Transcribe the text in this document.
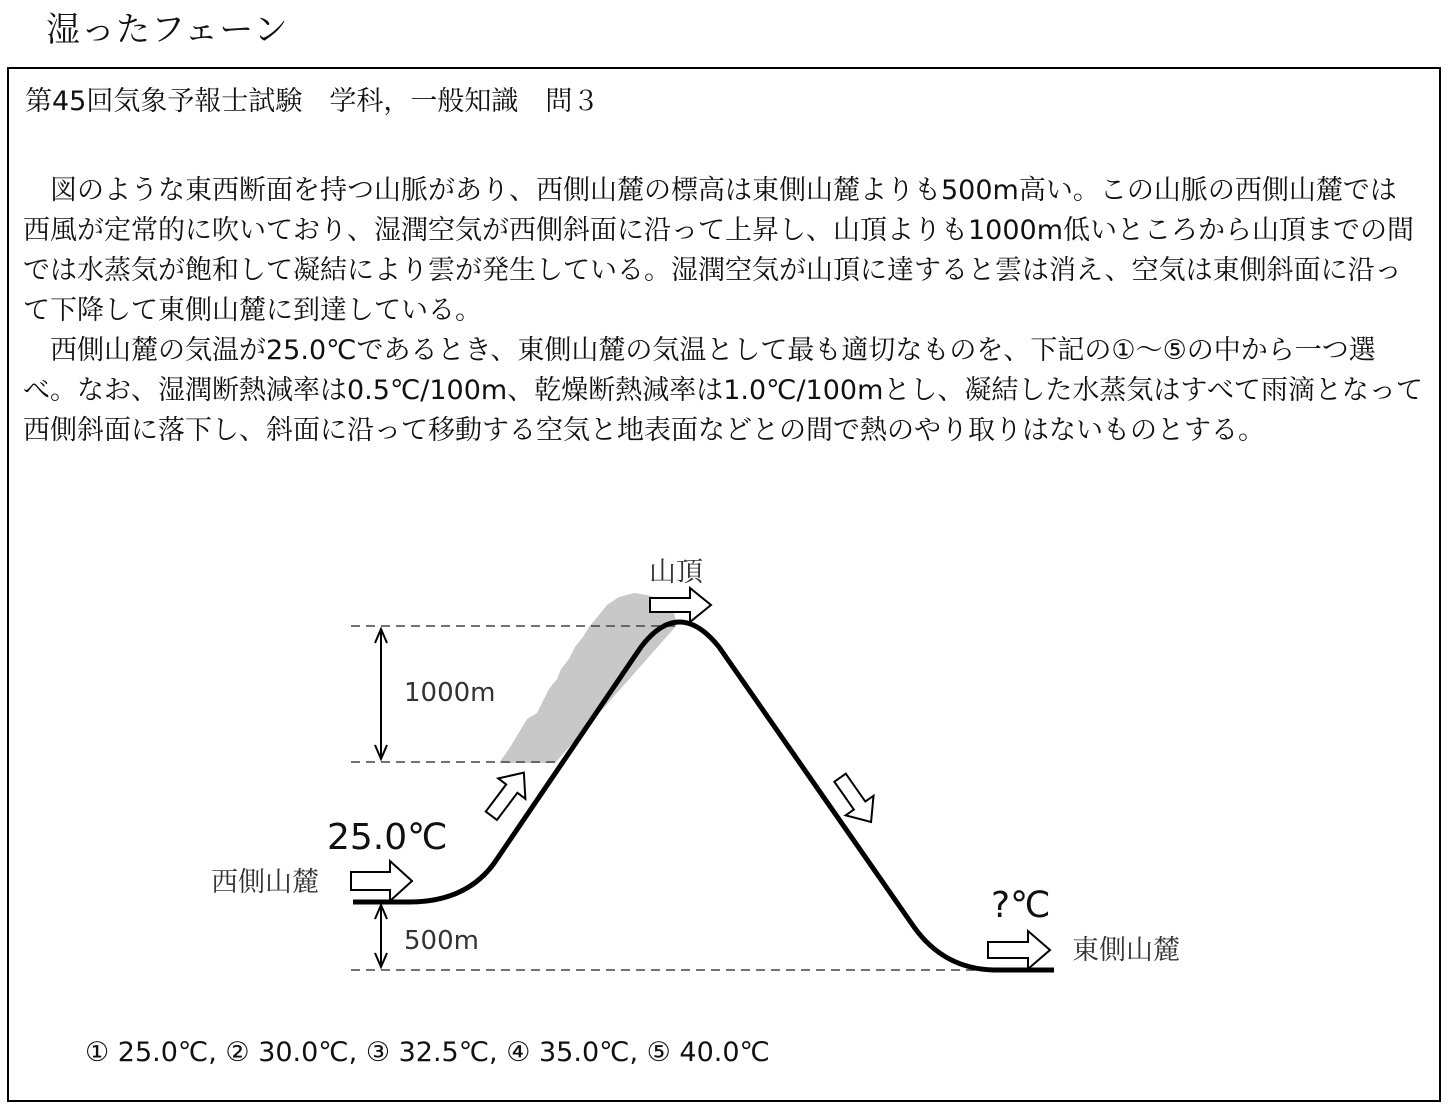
湿ったフェーン
第45回気象予報士試験　学科，一般知識　問３

図のような東西断面を持つ山脈があり、西側山麓の標高は東側山麓よりも500m高い。この山脈の西側山麓では西風が定常的に吹いており、湿潤空気が西側斜面に沿って上昇し、山頂よりも1000m低いところから山頂までの間では水蒸気が飽和して凝結により雲が発生している。湿潤空気が山頂に達すると雲は消え、空気は東側斜面に沿って下降して東側山麓に到達している。

西側山麓の気温が25.0℃であるとき、東側山麓の気温として最も適切なものを、下記の①～⑤の中から一つ選べ。なお、湿潤断熱減率は0.5℃/100m、乾燥断熱減率は1.0℃/100mとし、凝結した水蒸気はすべて雨滴となって西側斜面に落下し、斜面に沿って移動する空気と地表面などとの間で熱のやり取りはないものとする。

1000m
500m
山頂
25.0℃
西側山麓
?℃
東側山麓
① 25.0℃, ② 30.0℃, ③ 32.5℃, ④ 35.0℃, ⑤ 40.0℃
